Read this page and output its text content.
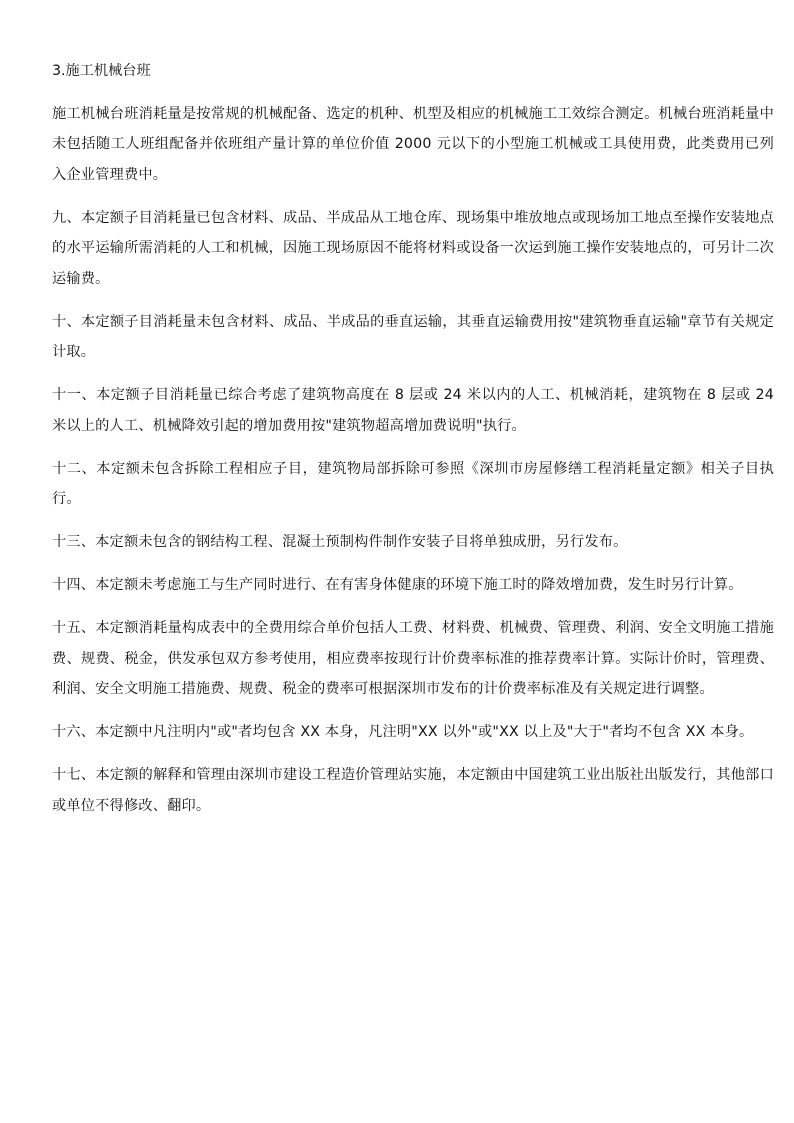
3.施工机械台班

施工机械台班消耗量是按常规的机械配备、选定的机种、机型及相应的机械施工工效综合测定。机械台班消耗量中未包括随工人班组配备并依班组产量计算的单位价值 2000 元以下的小型施工机械或工具使用费，此类费用已列入企业管理费中。

九、本定额子目消耗量已包含材料、成品、半成品从工地仓库、现场集中堆放地点或现场加工地点至操作安装地点的水平运输所需消耗的人工和机械，因施工现场原因不能将材料或设备一次运到施工操作安装地点的，可另计二次运输费。

十、本定额子目消耗量未包含材料、成品、半成品的垂直运输，其垂直运输费用按"建筑物垂直运输"章节有关规定计取。

十一、本定额子目消耗量已综合考虑了建筑物高度在 8 层或 24 米以内的人工、机械消耗，建筑物在 8 层或 24 米以上的人工、机械降效引起的增加费用按"建筑物超高增加费说明"执行。

十二、本定额未包含拆除工程相应子目，建筑物局部拆除可参照《深圳市房屋修缮工程消耗量定额》相关子目执行。

十三、本定额未包含的钢结构工程、混凝土预制构件制作安装子目将单独成册，另行发布。

十四、本定额未考虑施工与生产同时进行、在有害身体健康的环境下施工时的降效增加费，发生时另行计算。

十五、本定额消耗量构成表中的全费用综合单价包括人工费、材料费、机械费、管理费、利润、安全文明施工措施费、规费、税金，供发承包双方参考使用，相应费率按现行计价费率标准的推荐费率计算。实际计价时，管理费、利润、安全文明施工措施费、规费、税金的费率可根据深圳市发布的计价费率标准及有关规定进行调整。

十六、本定额中凡注明内"或"者均包含 XX 本身，凡注明"XX 以外"或"XX 以上及"大于"者均不包含 XX 本身。

十七、本定额的解释和管理由深圳市建设工程造价管理站实施，本定额由中国建筑工业出版社出版发行，其他部口或单位不得修改、翻印。
